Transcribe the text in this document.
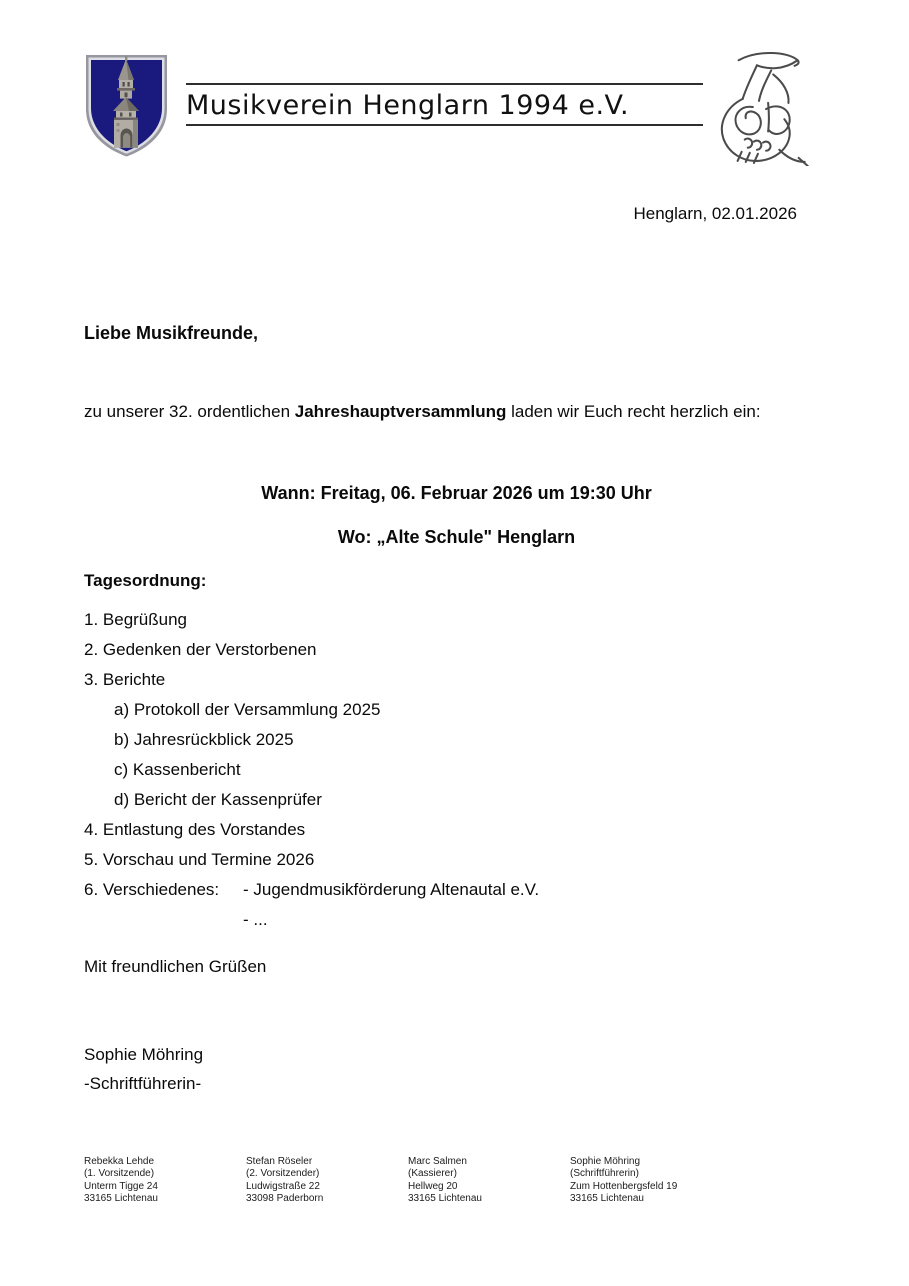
Musikverein Henglarn 1994 e.V.
Henglarn, 02.01.2026
Liebe Musikfreunde,
zu unserer 32. ordentlichen Jahreshauptversammlung laden wir Euch recht herzlich ein:
Wann: Freitag, 06. Februar 2026 um 19:30 Uhr
Wo: „Alte Schule" Henglarn
Tagesordnung:
1. Begrüßung
2. Gedenken der Verstorbenen
3. Berichte
a) Protokoll der Versammlung 2025
b) Jahresrückblick 2025
c) Kassenbericht
d) Bericht der Kassenprüfer
4. Entlastung des Vorstandes
5. Vorschau und Termine 2026
6. Verschiedenes: - Jugendmusikförderung Altenautal e.V.
- ...
Mit freundlichen Grüßen
Sophie Möhring
-Schriftführerin-
Rebekka Lehde
(1. Vorsitzende)
Unterm Tigge 24
33165 Lichtenau
Stefan Röseler
(2. Vorsitzender)
Ludwigstraße 22
33098 Paderborn
Marc Salmen
(Kassierer)
Hellweg 20
33165 Lichtenau
Sophie Möhring
(Schriftführerin)
Zum Hottenbergsfeld 19
33165 Lichtenau
